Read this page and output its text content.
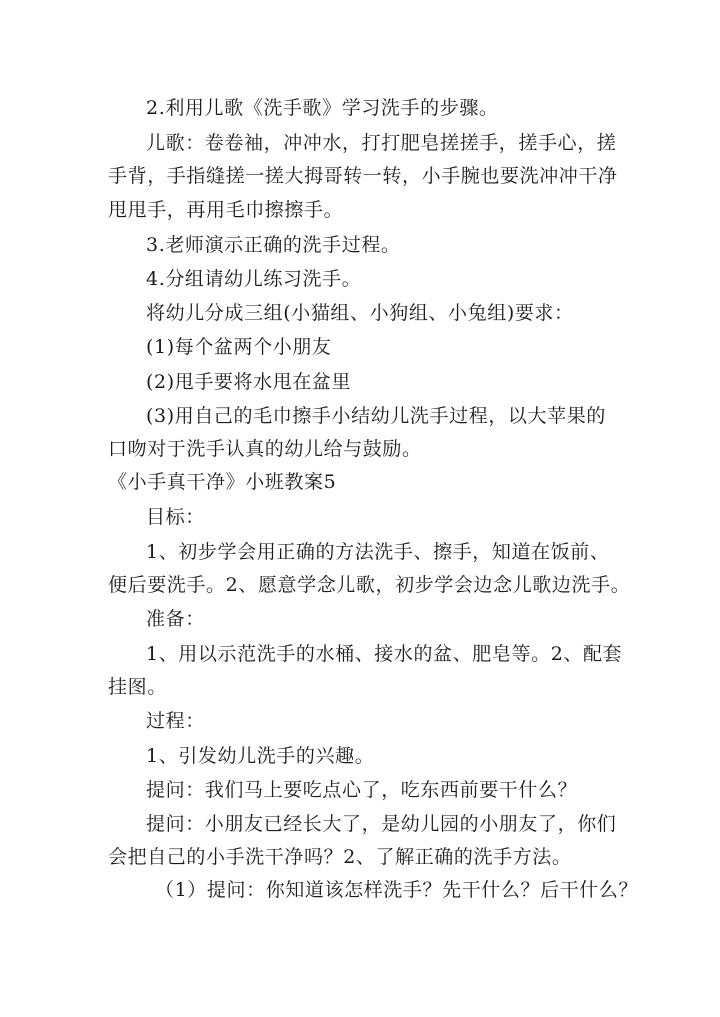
2.利用儿歌《洗手歌》学习洗手的步骤。
儿歌：卷卷袖，冲冲水，打打肥皂搓搓手，搓手心，搓
手背，手指缝搓一搓大拇哥转一转，小手腕也要洗冲冲干净
甩甩手，再用毛巾擦擦手。
3.老师演示正确的洗手过程。
4.分组请幼儿练习洗手。
将幼儿分成三组(小猫组、小狗组、小兔组)要求：
(1)每个盆两个小朋友
(2)甩手要将水甩在盆里
(3)用自己的毛巾擦手小结幼儿洗手过程，以大苹果的
口吻对于洗手认真的幼儿给与鼓励。
《小手真干净》小班教案5
目标：
1、初步学会用正确的方法洗手、擦手，知道在饭前、
便后要洗手。2、愿意学念儿歌，初步学会边念儿歌边洗手。
准备：
1、用以示范洗手的水桶、接水的盆、肥皂等。2、配套
挂图。
过程：
1、引发幼儿洗手的兴趣。
提问：我们马上要吃点心了，吃东西前要干什么？
提问：小朋友已经长大了，是幼儿园的小朋友了，你们
会把自己的小手洗干净吗？2、了解正确的洗手方法。
（1）提问：你知道该怎样洗手？先干什么？后干什么？
